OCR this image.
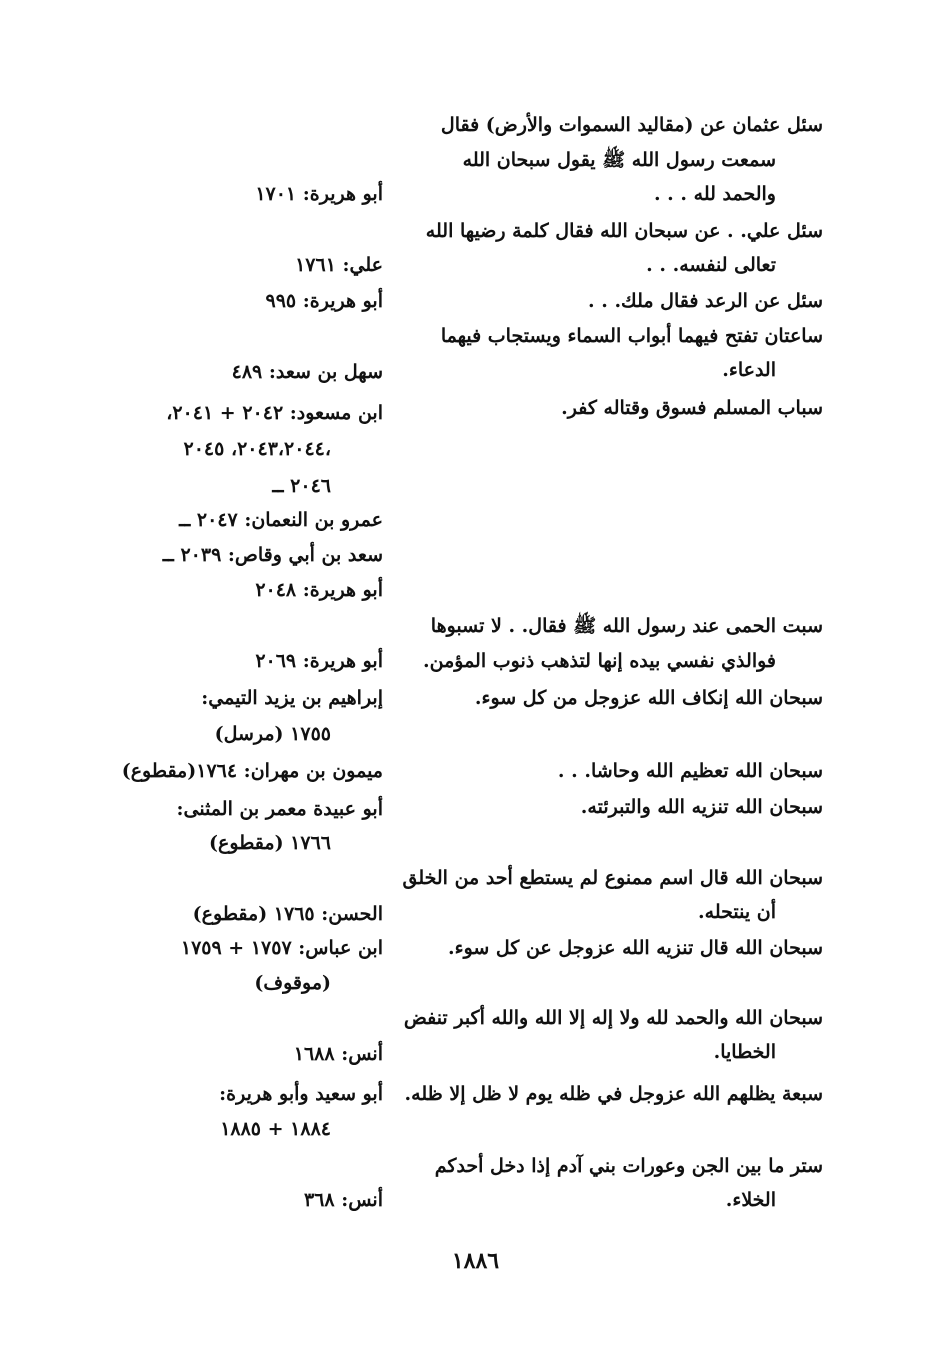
سئل عثمان عن (مقاليد السموات والأرض) فقال
سمعت رسول الله ﷺ يقول سبحان الله
والحمد لله . . .
سئل علي. . عن سبحان الله فقال كلمة رضيها الله
تعالى لنفسه. . .
سئل عن الرعد فقال ملك. . .
ساعتان تفتح فيهما أبواب السماء ويستجاب فيهما
الدعاء.
سباب المسلم فسوق وقتاله كفر.
سبت الحمى عند رسول الله ﷺ فقال. . لا تسبوها
فوالذي نفسي بيده إنها لتذهب ذنوب المؤمن.
سبحان الله إنكاف الله عزوجل من كل سوء.
سبحان الله تعظيم الله وحاشا. . .
سبحان الله تنزيه الله والتبرئته.
سبحان الله قال اسم ممنوع لم يستطع أحد من الخلق
أن ينتحله.
سبحان الله قال تنزيه الله عزوجل عن كل سوء.
سبحان الله والحمد لله ولا إله إلا الله والله أكبر تنفض
الخطايا.
سبعة يظلهم الله عزوجل في ظله يوم لا ظل إلا ظله.
ستر ما بين الجن وعورات بني آدم إذا دخل أحدكم
الخلاء.
أبو هريرة: ١٧٠١
علي: ١٧٦١
أبو هريرة: ٩٩٥
سهل بن سعد: ٤٨٩
ابن مسعود: ٢٠٤٢ + ٢٠٤١،
٢٠٤٣،٢٠٤٤، ٢٠٤٥،
٢٠٤٦ ــ
عمرو بن النعمان: ٢٠٤٧ ــ
سعد بن أبي وقاص: ٢٠٣٩ ــ
أبو هريرة: ٢٠٤٨
أبو هريرة: ٢٠٦٩
إبراهيم بن يزيد التيمي:
١٧٥٥ (مرسل)
ميمون بن مهران: ١٧٦٤(مقطوع)
أبو عبيدة معمر بن المثنى:
١٧٦٦ (مقطوع)
الحسن: ١٧٦٥ (مقطوع)
ابن عباس: ١٧٥٧ + ١٧٥٩
(موقوف)
أنس: ١٦٨٨
أبو سعيد وأبو هريرة:
١٨٨٤ + ١٨٨٥
أنس: ٣٦٨
١٨٨٦
